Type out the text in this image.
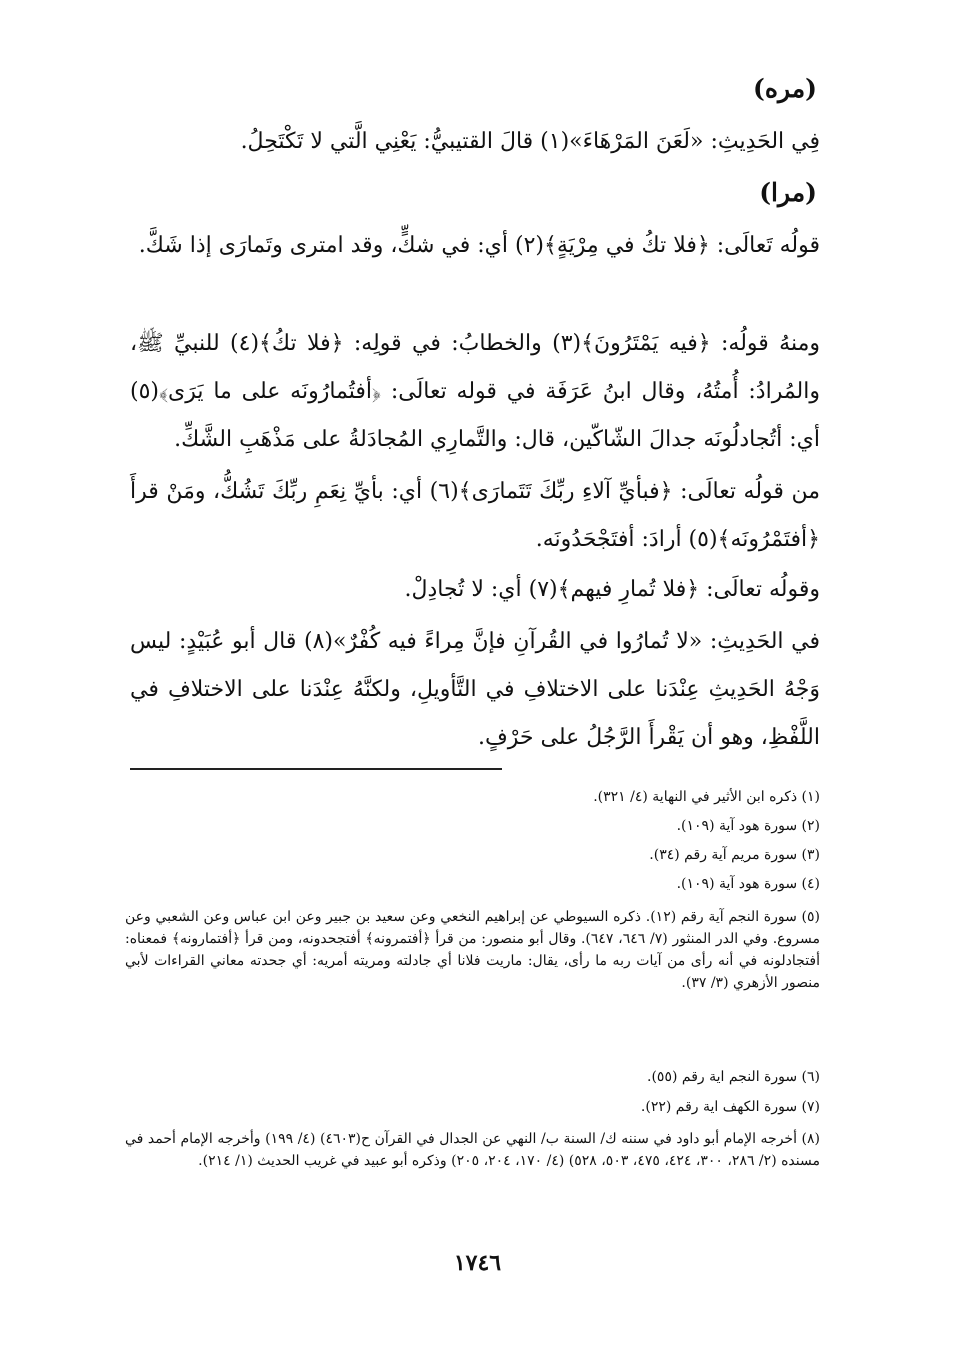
(مره)
فِي الحَدِيثِ: «لَعَنَ المَرْهَاءَ»(١) قالَ القتيبيُّ: يَعْنِي الَّتي لا تَكْتَحِلُ.
(مرا)
قولُه تَعالَى: ﴿فلا تكُ في مِرْيَةٍ﴾(٢) أي: في شكٍّ، وقد امترى وتَمارَى إذا شَكَّ.
ومنهُ قولُه: ﴿فيه يَمْتَرُونَ﴾(٣) والخطابُ: في قولِه: ﴿فلا تكُ﴾(٤) للنبيِّ ﷺ، والمُرادُ: أُمتُهُ، وقال ابنُ عَرَفَة في قوله تعالَى: ﴿أفتُمارُونَه على ما يَرَى﴾(٥) أي: أتُجادلُونَه جدالَ الشّاكّين، قال: والتَّمارِي المُجادَلةُ على مَذْهَبِ الشَّكِّ.
من قولُه تعالَى: ﴿فبأيِّ آلاءِ ربِّكَ تَتَمارَى﴾(٦) أي: بأيِّ نِعَمِ ربِّكَ تَشُكُّ، ومَنْ قرأَ ﴿أفتَمْرُونَه﴾(٥) أرادَ: أفتَجْحَدُونَه.
وقولُه تعالَى: ﴿فلا تُمارِ فيهم﴾(٧) أي: لا تُجادِلْ.
في الحَدِيثِ: «لا تُمارُوا في القُرآنِ فإنَّ مِراءً فيه كُفْرٌ»(٨) قال أبو عُبَيْدٍ: ليس وَجْهُ الحَدِيثِ عِنْدَنا على الاختلافِ في التَّأويلِ، ولكنَّهُ عِنْدَنا على الاختلافِ في اللَّفْظِ، وهو أن يَقْرأَ الرَّجُلُ على حَرْفٍ.
(١) ذكره ابن الأثير في النهاية (٤/ ٣٢١).
(٢) سورة هود آية (١٠٩).
(٣) سورة مريم آية رقم (٣٤).
(٤) سورة هود آية (١٠٩).
(٥) سورة النجم آية رقم (١٢). ذكره السيوطي عن إبراهيم النخعي وعن سعيد بن جبير وعن ابن عباس وعن الشعبي وعن مسروع. وفي الدر المنثور (٧/ ٦٤٦، ٦٤٧). وقال أبو منصور: من قرأ ﴿أفتمرونه﴾ أفتجحدونه، ومن قرأ ﴿أفتمارونه﴾ فمعناه: أفتجادلونه في أنه رأى من آيات ربه ما رأى، يقال: ماريت فلانا أي جادلته ومريته أمريه: أي جحدته معاني القراءات لأبي منصور الأزهري (٣/ ٣٧).
(٦) سورة النجم اية رقم (٥٥).
(٧) سورة الكهف اية رقم (٢٢).
(٨) أخرجه الإمام أبو داود في سننه ك/ السنة ب/ النهي عن الجدال في القرآن ح(٤٦٠٣) (٤/ ١٩٩) وأخرجه الإمام أحمد في مسنده (٢/ ٢٨٦، ٣٠٠، ٤٢٤، ٤٧٥، ٥٠٣، ٥٢٨) (٤/ ١٧٠، ٢٠٤، ٢٠٥) وذكره أبو عبيد في غريب الحديث (١/ ٢١٤).
١٧٤٦
